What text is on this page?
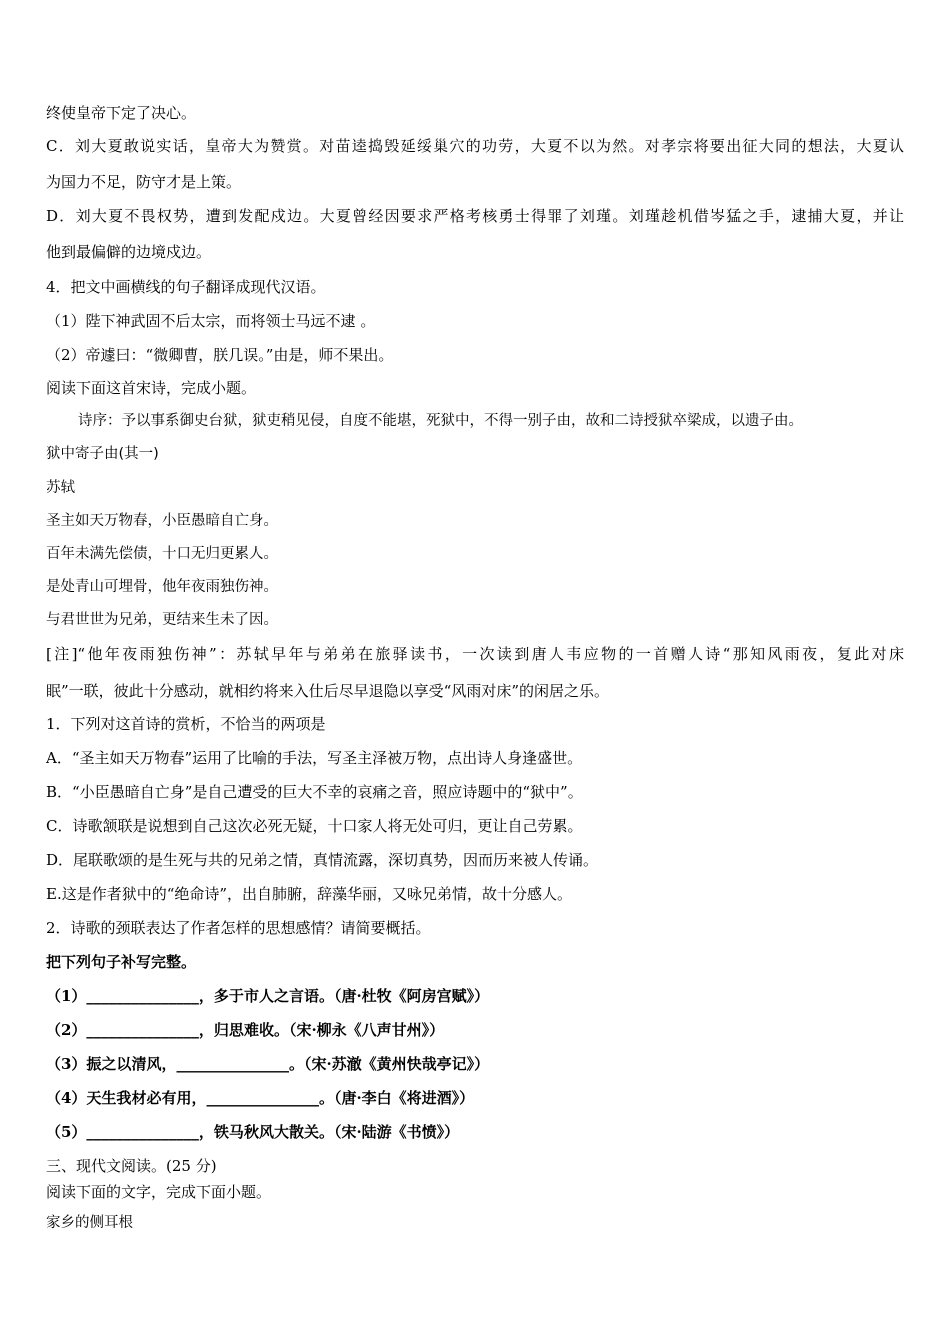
终使皇帝下定了决心。
C．刘大夏敢说实话，皇帝大为赞赏。对苗逵捣毁延绥巢穴的功劳，大夏不以为然。对孝宗将要出征大同的想法，大夏认
为国力不足，防守才是上策。
D．刘大夏不畏权势，遭到发配戍边。大夏曾经因要求严格考核勇士得罪了刘瑾。刘瑾趁机借岑猛之手，逮捕大夏，并让
他到最偏僻的边境戍边。
4．把文中画横线的句子翻译成现代汉语。
（1）陛下神武固不后太宗，而将领士马远不逮 。
（2）帝遽曰：“微卿曹，朕几误。”由是，师不果出。
阅读下面这首宋诗，完成小题。
诗序：予以事系御史台狱，狱吏稍见侵，自度不能堪，死狱中，不得一别子由，故和二诗授狱卒梁成，以遗子由。
狱中寄子由(其一)
苏轼
圣主如天万物春，小臣愚暗自亡身。
百年未满先偿债，十口无归更累人。
是处青山可埋骨，他年夜雨独伤神。
与君世世为兄弟，更结来生未了因。
[注]“他年夜雨独伤神”：苏轼早年与弟弟在旅驿读书，一次读到唐人韦应物的一首赠人诗“那知风雨夜，复此对床
眠”一联，彼此十分感动，就相约将来入仕后尽早退隐以享受“风雨对床”的闲居之乐。
1．下列对这首诗的赏析，不恰当的两项是
A．“圣主如天万物春”运用了比喻的手法，写圣主泽被万物，点出诗人身逢盛世。
B．“小臣愚暗自亡身”是自己遭受的巨大不幸的哀痛之音，照应诗题中的“狱中”。
C．诗歌颔联是说想到自己这次必死无疑，十口家人将无处可归，更让自己劳累。
D．尾联歌颂的是生死与共的兄弟之情，真情流露，深切真势，因而历来被人传诵。
E.这是作者狱中的“绝命诗”，出自肺腑，辞藻华丽，又咏兄弟情，故十分感人。
2．诗歌的颈联表达了作者怎样的思想感情？请简要概括。
把下列句子补写完整。
（1）_______________，多于市人之言语。（唐·杜牧《阿房宫赋》）
（2）_______________，归思难收。（宋·柳永《八声甘州》）
（3）振之以清风，_______________。（宋·苏澈《黄州快哉亭记》）
（4）天生我材必有用，_______________。（唐·李白《将进酒》）
（5）_______________，铁马秋风大散关。（宋·陆游《书愤》）
三、现代文阅读。(25 分)
阅读下面的文字，完成下面小题。
家乡的侧耳根
